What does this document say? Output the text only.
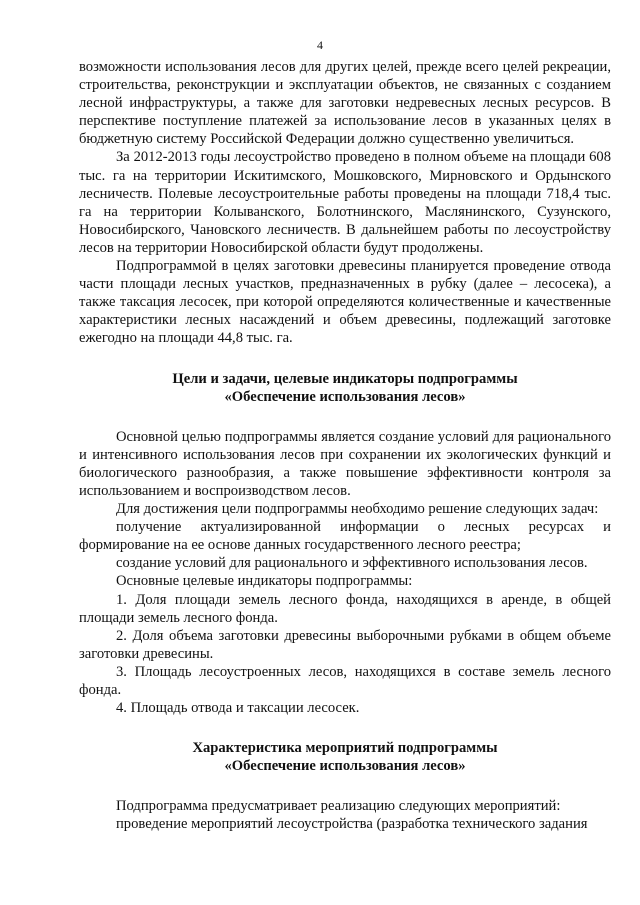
4

возможности использования лесов для других целей, прежде всего целей рекреации, строительства, реконструкции и эксплуатации объектов, не связанных с созданием лесной инфраструктуры, а также для заготовки недревесных лесных ресурсов. В перспективе поступление платежей за использование лесов в указанных целях в бюджетную систему Российской Федерации должно существенно увеличиться.

За 2012-2013 годы лесоустройство проведено в полном объеме на площади 608 тыс. га на территории Искитимского, Мошковского, Мирновского и Ордынского лесничеств. Полевые лесоустроительные работы проведены на площади 718,4 тыс. га на территории Колыванского, Болотнинского, Маслянинского, Сузунского, Новосибирского, Чановского лесничеств. В дальнейшем работы по лесоустройству лесов на территории Новосибирской области будут продолжены.

Подпрограммой в целях заготовки древесины планируется проведение отвода части площади лесных участков, предназначенных в рубку (далее – лесосека), а также таксация лесосек, при которой определяются количественные и качественные характеристики лесных насаждений и объем древесины, подлежащий заготовке ежегодно на площади 44,8 тыс. га.

Цели и задачи, целевые индикаторы подпрограммы
«Обеспечение использования лесов»

Основной целью подпрограммы является создание условий для рационального и интенсивного использования лесов при сохранении их экологических функций и биологического разнообразия, а также повышение эффективности контроля за использованием и воспроизводством лесов.

Для достижения цели подпрограммы необходимо решение следующих задач:

получение актуализированной информации о лесных ресурсах и формирование на ее основе данных государственного лесного реестра;

создание условий для рационального и эффективного использования лесов.

Основные целевые индикаторы подпрограммы:

1. Доля площади земель лесного фонда, находящихся в аренде, в общей площади земель лесного фонда.

2. Доля объема заготовки древесины выборочными рубками в общем объеме заготовки древесины.

3. Площадь лесоустроенных лесов, находящихся в составе земель лесного фонда.

4. Площадь отвода и таксации лесосек.

Характеристика мероприятий подпрограммы
«Обеспечение использования лесов»

Подпрограмма предусматривает реализацию следующих мероприятий:

проведение мероприятий лесоустройства (разработка технического задания
